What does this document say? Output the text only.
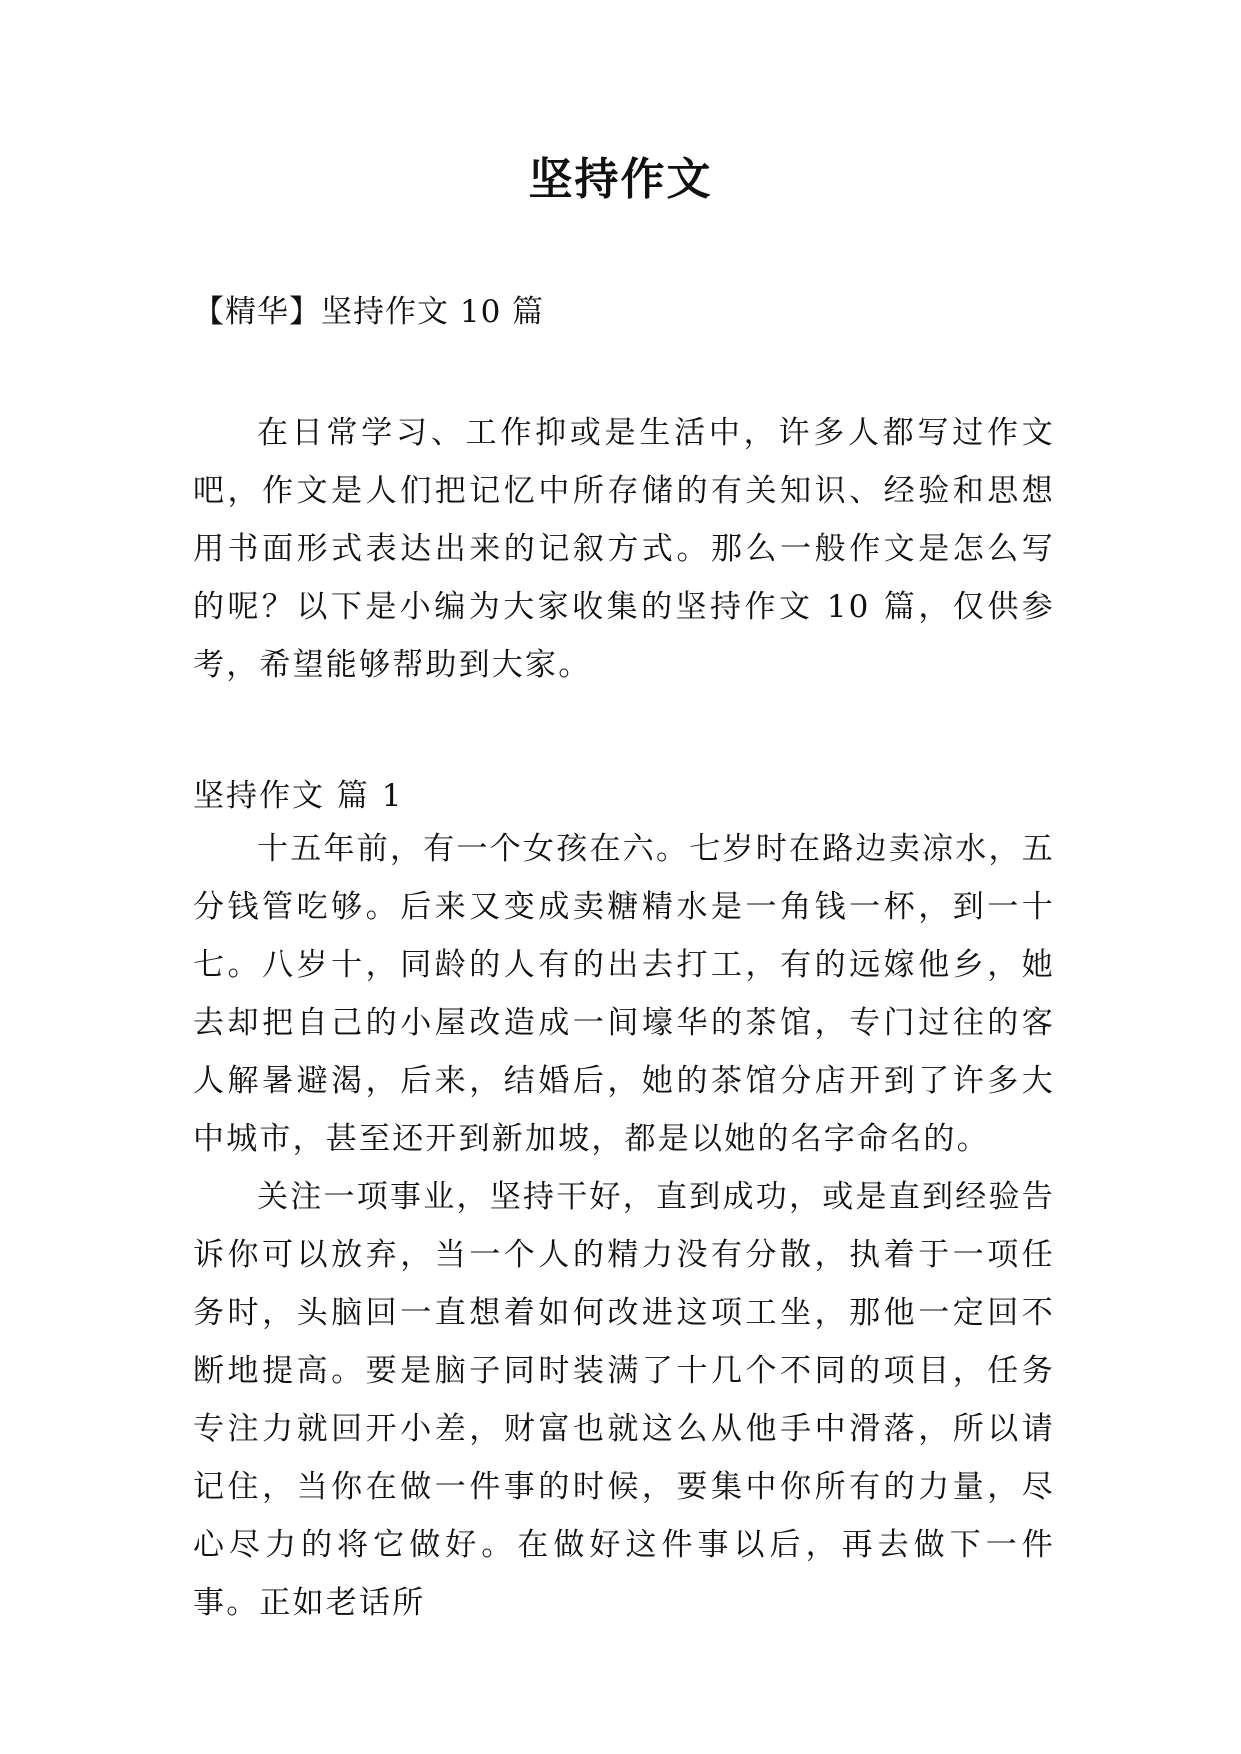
坚持作文
【精华】坚持作文 10 篇

在日常学习、工作抑或是生活中，许多人都写过作文吧，作文是人们把记忆中所存储的有关知识、经验和思想用书面形式表达出来的记叙方式。那么一般作文是怎么写的呢？以下是小编为大家收集的坚持作文 10 篇，仅供参考，希望能够帮助到大家。

坚持作文 篇 1

十五年前，有一个女孩在六。七岁时在路边卖凉水，五分钱管吃够。后来又变成卖糖精水是一角钱一杯，到一十七。八岁十，同龄的人有的出去打工，有的远嫁他乡，她去却把自己的小屋改造成一间壕华的茶馆，专门过往的客人解暑避渴，后来，结婚后，她的茶馆分店开到了许多大中城市，甚至还开到新加坡，都是以她的名字命名的。

关注一项事业，坚持干好，直到成功，或是直到经验告诉你可以放弃，当一个人的精力没有分散，执着于一项任务时，头脑回一直想着如何改进这项工坐，那他一定回不断地提高。要是脑子同时装满了十几个不同的项目，任务专注力就回开小差，财富也就这么从他手中滑落，所以请记住，当你在做一件事的时候，要集中你所有的力量，尽心尽力的将它做好。在做好这件事以后，再去做下一件事。正如老话所
